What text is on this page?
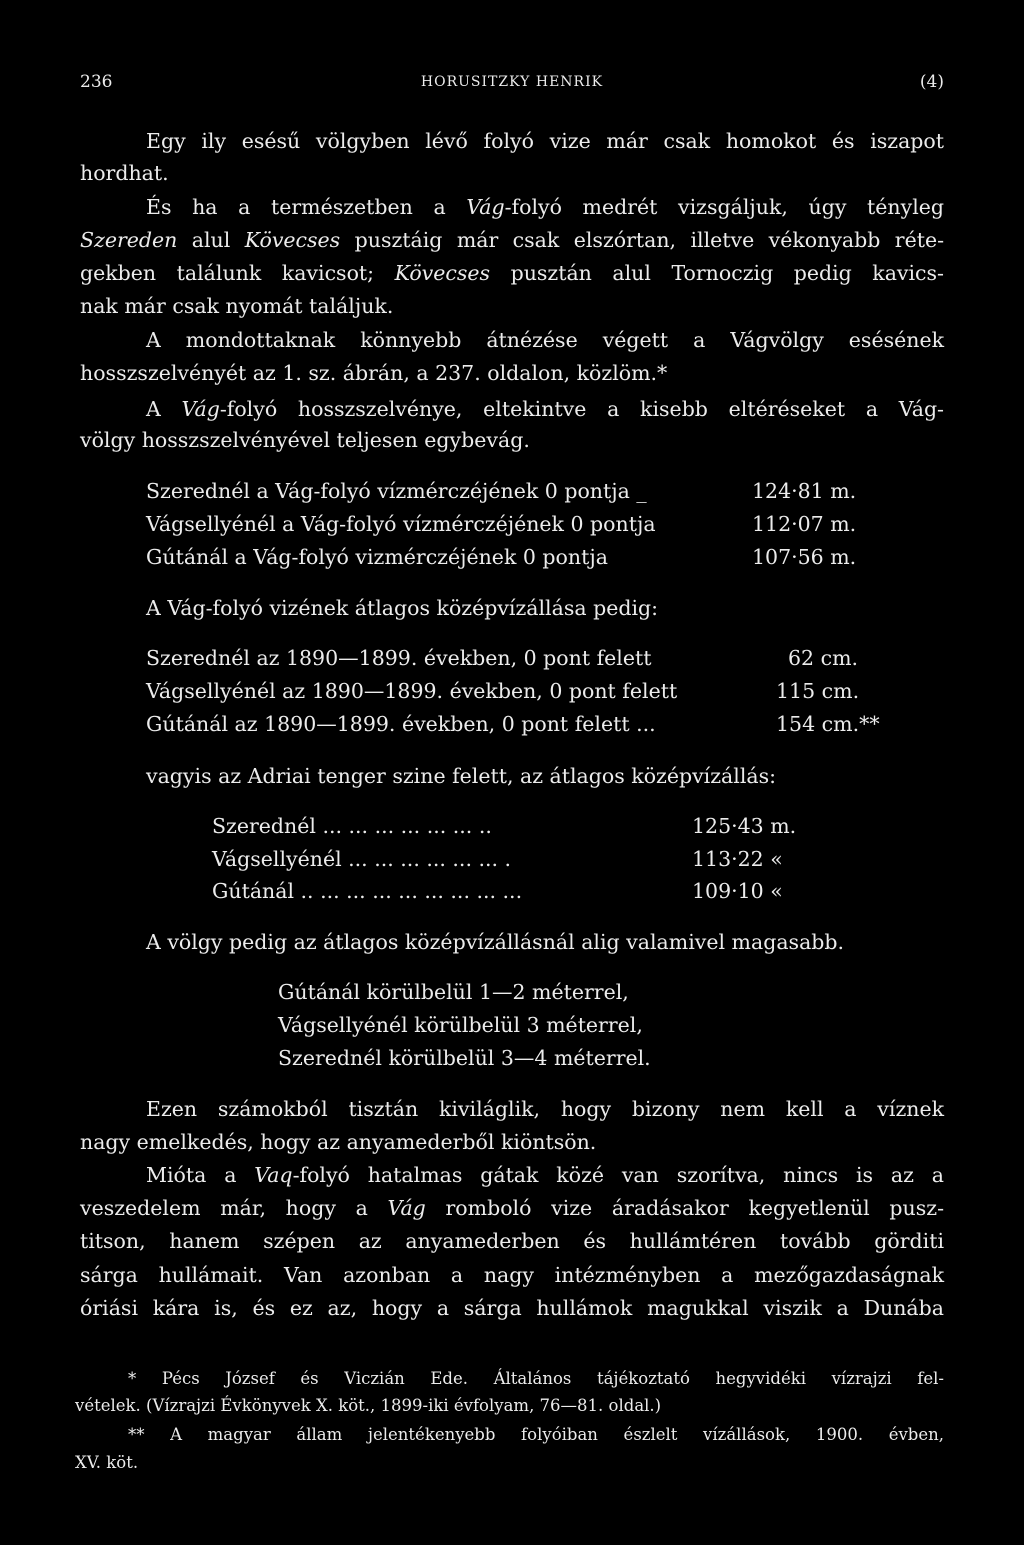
236	HORUSITZKY HENRIK	(4)
Egy ily esésű völgyben lévő folyó vize már csak homokot és iszapot
hordhat.
És ha a természetben a Vág-folyó medrét vizsgáljuk, úgy tényleg
Szereden alul Kövecses pusztáig már csak elszórtan, illetve vékonyabb réte-
gekben találunk kavicsot; Kövecses pusztán alul Tornoczig pedig kavics-
nak már csak nyomát találjuk.
A mondottaknak könnyebb átnézése végett a Vágvölgy esésének
hosszszelvényét az 1. sz. ábrán, a 237. oldalon, közlöm.*
A Vág-folyó hosszszelvénye, eltekintve a kisebb eltéréseket a Vág-
völgy hosszszelvényével teljesen egybevág.
Szerednél a Vág-folyó vízmérczéjének 0 pontja _	124·81 m.
Vágsellyénél a Vág-folyó vízmérczéjének 0 pontja	112·07 m.
Gútánál a Vág-folyó vizmérczéjének 0 pontja	107·56 m.
A Vág-folyó vizének átlagos középvízállása pedig:
Szerednél az 1890—1899. években, 0 pont felett	62 cm.
Vágsellyénél az 1890—1899. években, 0 pont felett	115 cm.
Gútánál az 1890—1899. években, 0 pont felett ...	154 cm.**
vagyis az Adriai tenger szine felett, az átlagos középvízállás:
Szerednél ... ... ... ... ... ... ..	125·43 m.
Vágsellyénél ... ... ... ... ... ... .	113·22 «
Gútánál .. ... ... ... ... ... ... ... ...	109·10 «
A völgy pedig az átlagos középvízállásnál alig valamivel magasabb.
Gútánál körülbelül 1—2 méterrel,
Vágsellyénél körülbelül 3 méterrel,
Szerednél körülbelül 3—4 méterrel.
Ezen számokból tisztán kiviláglik, hogy bizony nem kell a víznek
nagy emelkedés, hogy az anyamederből kiöntsön.
Mióta a Vaq-folyó hatalmas gátak közé van szorítva, nincs is az a
veszedelem már, hogy a Vág romboló vize áradásakor kegyetlenül pusz-
titson, hanem szépen az anyamederben és hullámtéren tovább görditi
sárga hullámait. Van azonban a nagy intézményben a mezőgazdaságnak
óriási kára is, és ez az, hogy a sárga hullámok magukkal viszik a Dunába
* Pécs József és Viczián Ede. Általános tájékoztató hegyvidéki vízrajzi fel-
vételek. (Vízrajzi Évkönyvek X. köt., 1899-iki évfolyam, 76—81. oldal.)
** A magyar állam jelentékenyebb folyóiban észlelt vízállások, 1900. évben,
XV. köt.
